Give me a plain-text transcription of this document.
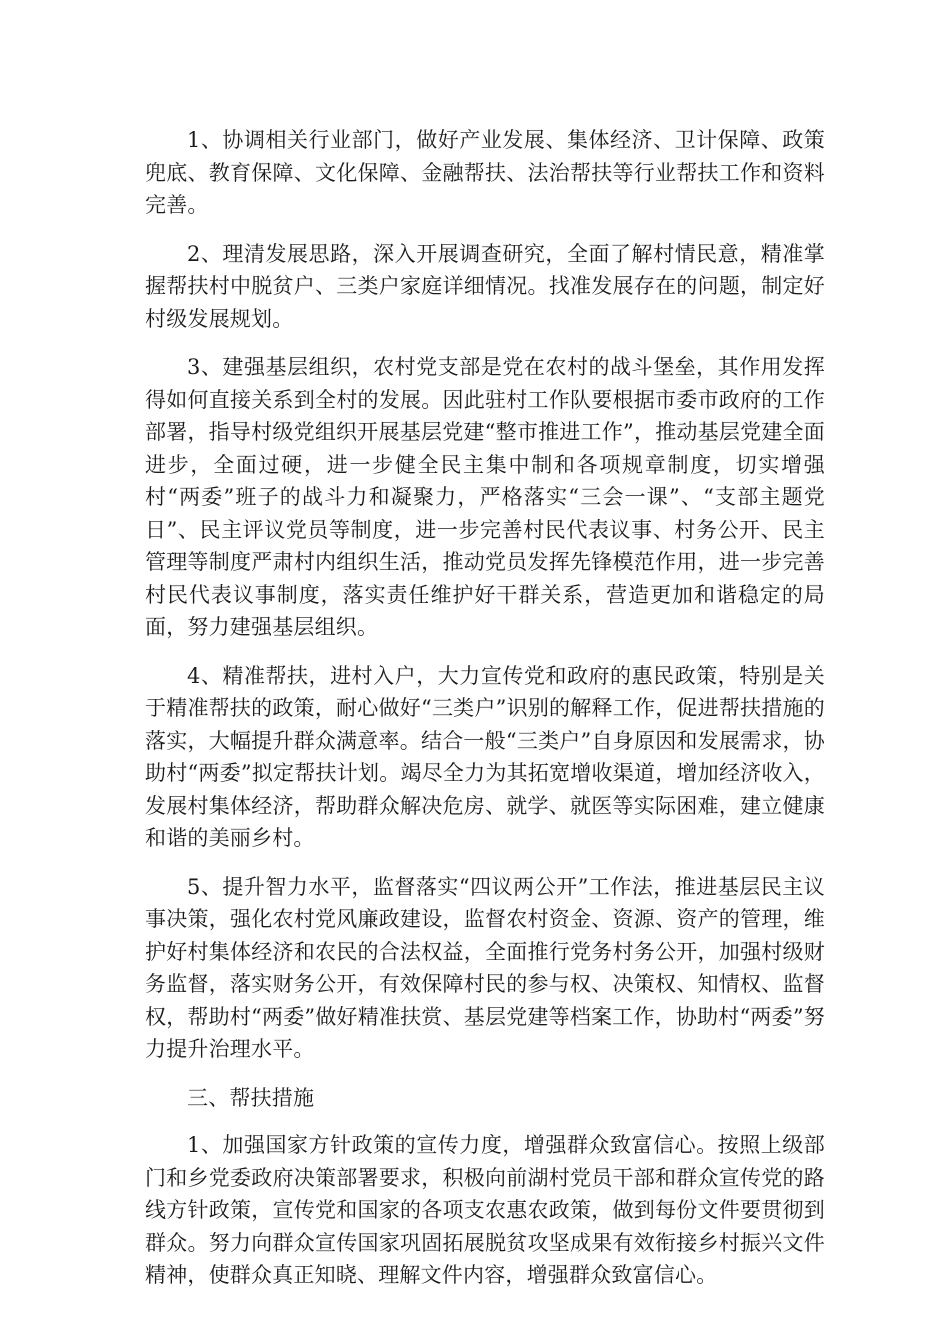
1、协调相关行业部门，做好产业发展、集体经济、卫计保障、政策兜底、教育保障、文化保障、金融帮扶、法治帮扶等行业帮扶工作和资料完善。

2、理清发展思路，深入开展调查研究，全面了解村情民意，精准掌握帮扶村中脱贫户、三类户家庭详细情况。找准发展存在的问题，制定好村级发展规划。

3、建强基层组织，农村党支部是党在农村的战斗堡垒，其作用发挥得如何直接关系到全村的发展。因此驻村工作队要根据市委市政府的工作部署，指导村级党组织开展基层党建“整市推进工作”，推动基层党建全面进步，全面过硬，进一步健全民主集中制和各项规章制度，切实增强村“两委”班子的战斗力和凝聚力，严格落实“三会一课”、“支部主题党日”、民主评议党员等制度，进一步完善村民代表议事、村务公开、民主管理等制度严肃村内组织生活，推动党员发挥先锋模范作用，进一步完善村民代表议事制度，落实责任维护好干群关系，营造更加和谐稳定的局面，努力建强基层组织。

4、精准帮扶，进村入户，大力宣传党和政府的惠民政策，特别是关于精准帮扶的政策，耐心做好“三类户”识别的解释工作，促进帮扶措施的落实，大幅提升群众满意率。结合一般“三类户”自身原因和发展需求，协助村“两委”拟定帮扶计划。竭尽全力为其拓宽增收渠道，增加经济收入，发展村集体经济，帮助群众解决危房、就学、就医等实际困难，建立健康和谐的美丽乡村。

5、提升智力水平，监督落实“四议两公开”工作法，推进基层民主议事决策，强化农村党风廉政建设，监督农村资金、资源、资产的管理，维护好村集体经济和农民的合法权益，全面推行党务村务公开，加强村级财务监督，落实财务公开，有效保障村民的参与权、决策权、知情权、监督权，帮助村“两委”做好精准扶赏、基层党建等档案工作，协助村“两委”努力提升治理水平。

三、帮扶措施

1、加强国家方针政策的宣传力度，增强群众致富信心。按照上级部门和乡党委政府决策部署要求，积极向前湖村党员干部和群众宣传党的路线方针政策，宣传党和国家的各项支农惠农政策，做到每份文件要贯彻到群众。努力向群众宣传国家巩固拓展脱贫攻坚成果有效衔接乡村振兴文件精神，使群众真正知晓、理解文件内容，增强群众致富信心。
